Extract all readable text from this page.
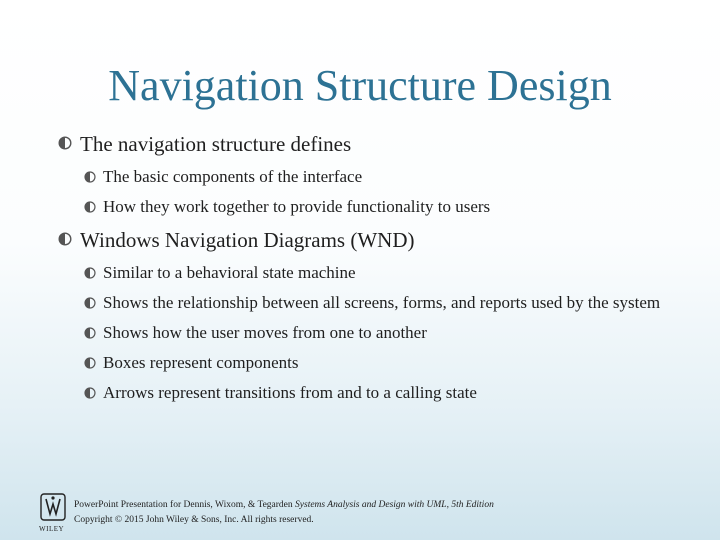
Navigation Structure Design
The navigation structure defines
The basic components of the interface
How they work together to provide functionality to users
Windows Navigation Diagrams (WND)
Similar to a behavioral state machine
Shows the relationship between all screens, forms, and reports used by the system
Shows how the user moves from one to another
Boxes represent components
Arrows represent transitions from and to a calling state
WILEY
PowerPoint Presentation for Dennis, Wixom, & Tegarden Systems Analysis and Design with UML, 5th Edition
Copyright © 2015 John Wiley & Sons, Inc. All rights reserved.
